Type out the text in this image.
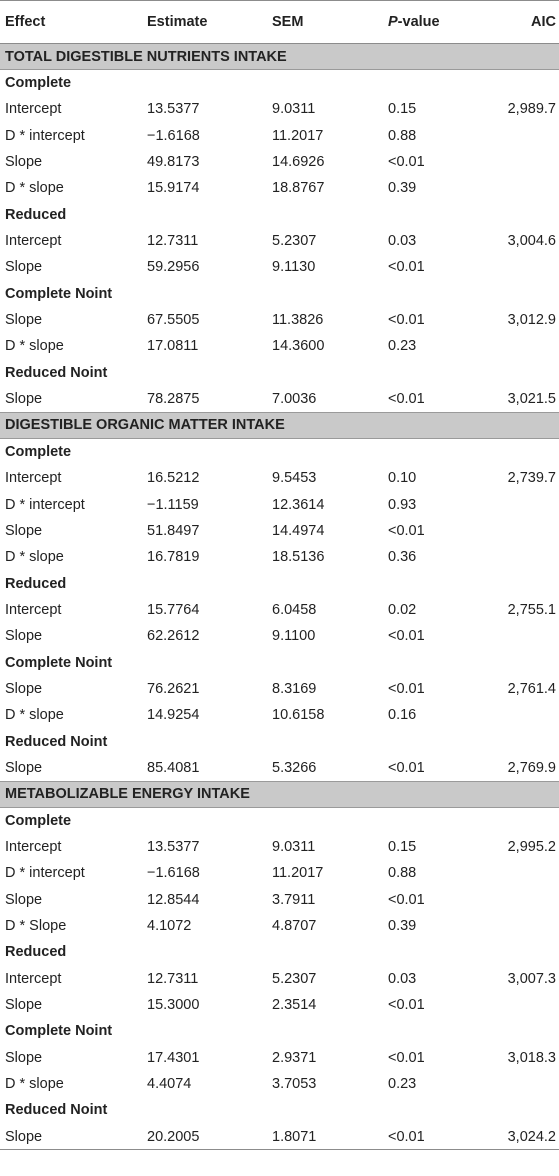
Effect	Estimate	SEM	P-value	AIC
TOTAL DIGESTIBLE NUTRIENTS INTAKE				
Complete				
Intercept	13.5377	9.0311	0.15	2,989.7
D * intercept	−1.6168	11.2017	0.88	
Slope	49.8173	14.6926	<0.01	
D * slope	15.9174	18.8767	0.39	
Reduced				
Intercept	12.7311	5.2307	0.03	3,004.6
Slope	59.2956	9.1130	<0.01	
Complete Noint				
Slope	67.5505	11.3826	<0.01	3,012.9
D * slope	17.0811	14.3600	0.23	
Reduced Noint				
Slope	78.2875	7.0036	<0.01	3,021.5
DIGESTIBLE ORGANIC MATTER INTAKE				
Complete				
Intercept	16.5212	9.5453	0.10	2,739.7
D * intercept	−1.1159	12.3614	0.93	
Slope	51.8497	14.4974	<0.01	
D * slope	16.7819	18.5136	0.36	
Reduced				
Intercept	15.7764	6.0458	0.02	2,755.1
Slope	62.2612	9.1100	<0.01	
Complete Noint				
Slope	76.2621	8.3169	<0.01	2,761.4
D * slope	14.9254	10.6158	0.16	
Reduced Noint				
Slope	85.4081	5.3266	<0.01	2,769.9
METABOLIZABLE ENERGY INTAKE				
Complete				
Intercept	13.5377	9.0311	0.15	2,995.2
D * intercept	−1.6168	11.2017	0.88	
Slope	12.8544	3.7911	<0.01	
D * Slope	4.1072	4.8707	0.39	
Reduced				
Intercept	12.7311	5.2307	0.03	3,007.3
Slope	15.3000	2.3514	<0.01	
Complete Noint				
Slope	17.4301	2.9371	<0.01	3,018.3
D * slope	4.4074	3.7053	0.23	
Reduced Noint				
Slope	20.2005	1.8071	<0.01	3,024.2
